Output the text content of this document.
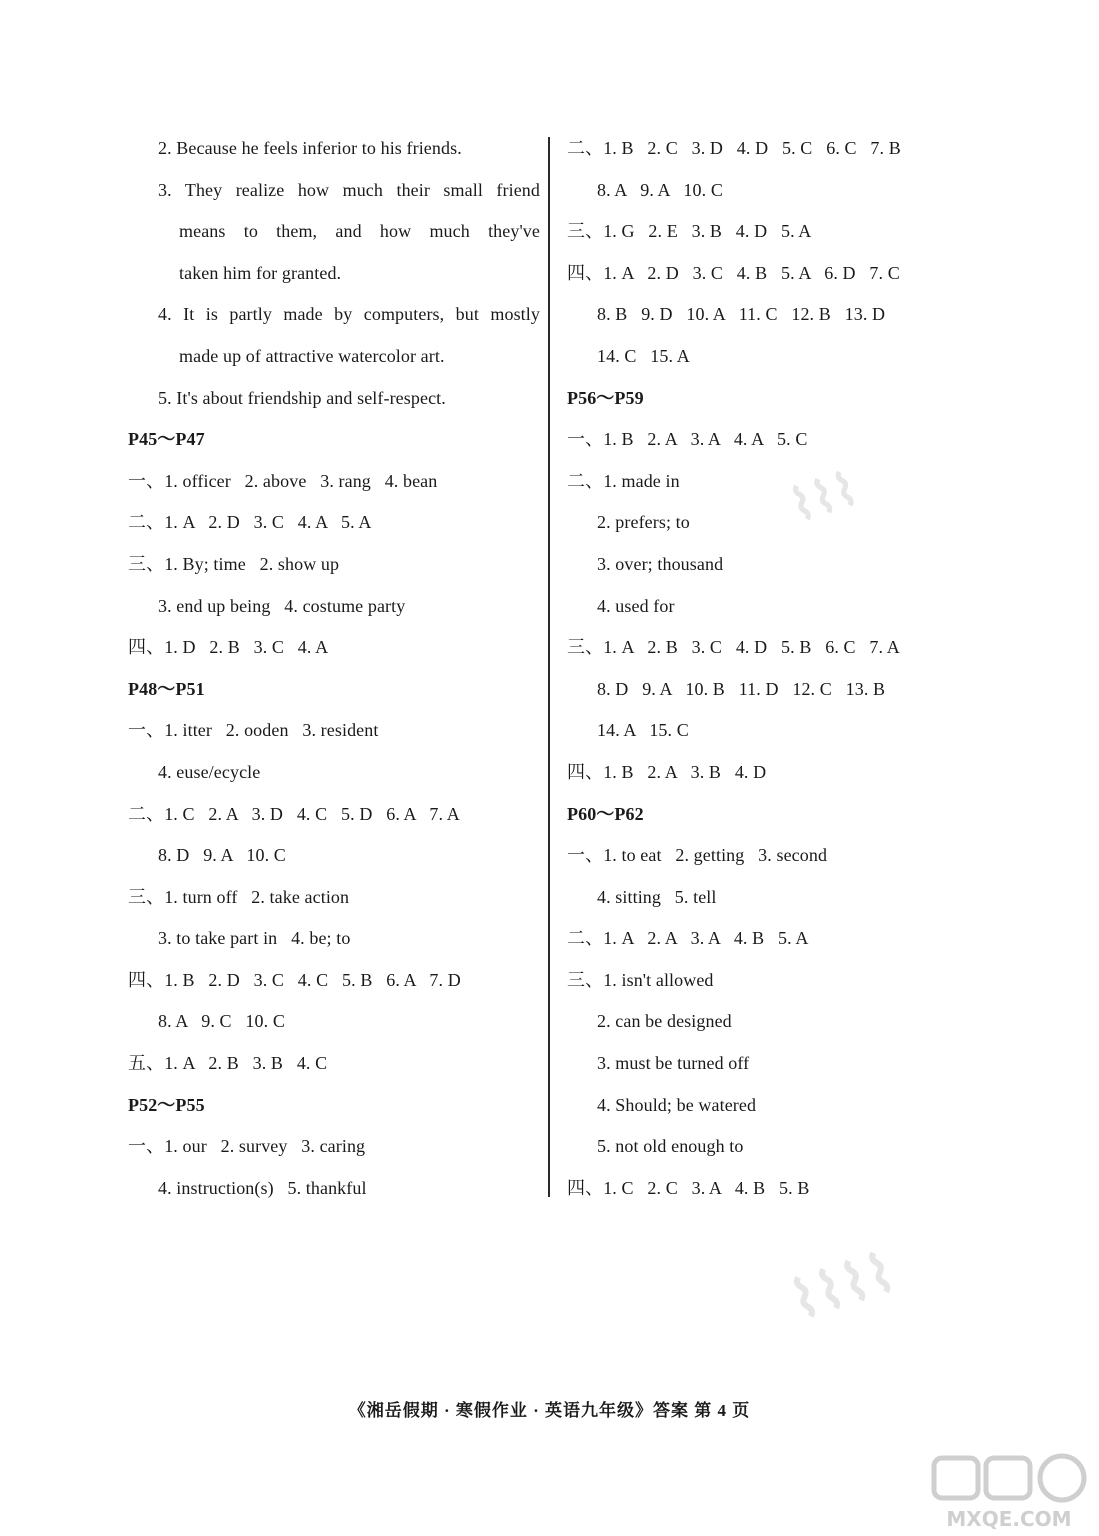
2. Because he feels inferior to his friends.
3. They realize how much their small friend
means to them, and how much they've
taken him for granted.
4. It is partly made by computers, but mostly
made up of attractive watercolor art.
5. It's about friendship and self-respect.
P45～P47
一、1. officer   2. above   3. rang   4. bean
二、1. A   2. D   3. C   4. A   5. A
三、1. By; time   2. show up
3. end up being   4. costume party
四、1. D   2. B   3. C   4. A
P48～P51
一、1. itter   2. ooden   3. resident
4. euse/ecycle
二、1. C   2. A   3. D   4. C   5. D   6. A   7. A
8. D   9. A   10. C
三、1. turn off   2. take action
3. to take part in   4. be; to
四、1. B   2. D   3. C   4. C   5. B   6. A   7. D
8. A   9. C   10. C
五、1. A   2. B   3. B   4. C
P52～P55
一、1. our   2. survey   3. caring
4. instruction(s)   5. thankful
二、1. B   2. C   3. D   4. D   5. C   6. C   7. B
8. A   9. A   10. C
三、1. G   2. E   3. B   4. D   5. A
四、1. A   2. D   3. C   4. B   5. A   6. D   7. C
8. B   9. D   10. A   11. C   12. B   13. D
14. C   15. A
P56～P59
一、1. B   2. A   3. A   4. A   5. C
二、1. made in
2. prefers; to
3. over; thousand
4. used for
三、1. A   2. B   3. C   4. D   5. B   6. C   7. A
8. D   9. A   10. B   11. D   12. C   13. B
14. A   15. C
四、1. B   2. A   3. B   4. D
P60～P62
一、1. to eat   2. getting   3. second
4. sitting   5. tell
二、1. A   2. A   3. A   4. B   5. A
三、1. isn't allowed
2. can be designed
3. must be turned off
4. Should; be watered
5. not old enough to
四、1. C   2. C   3. A   4. B   5. B
⌇⌇⌇
⌇⌇⌇⌇
《湘岳假期 · 寒假作业 · 英语九年级》答案 第 4 页
MXQE.COM
